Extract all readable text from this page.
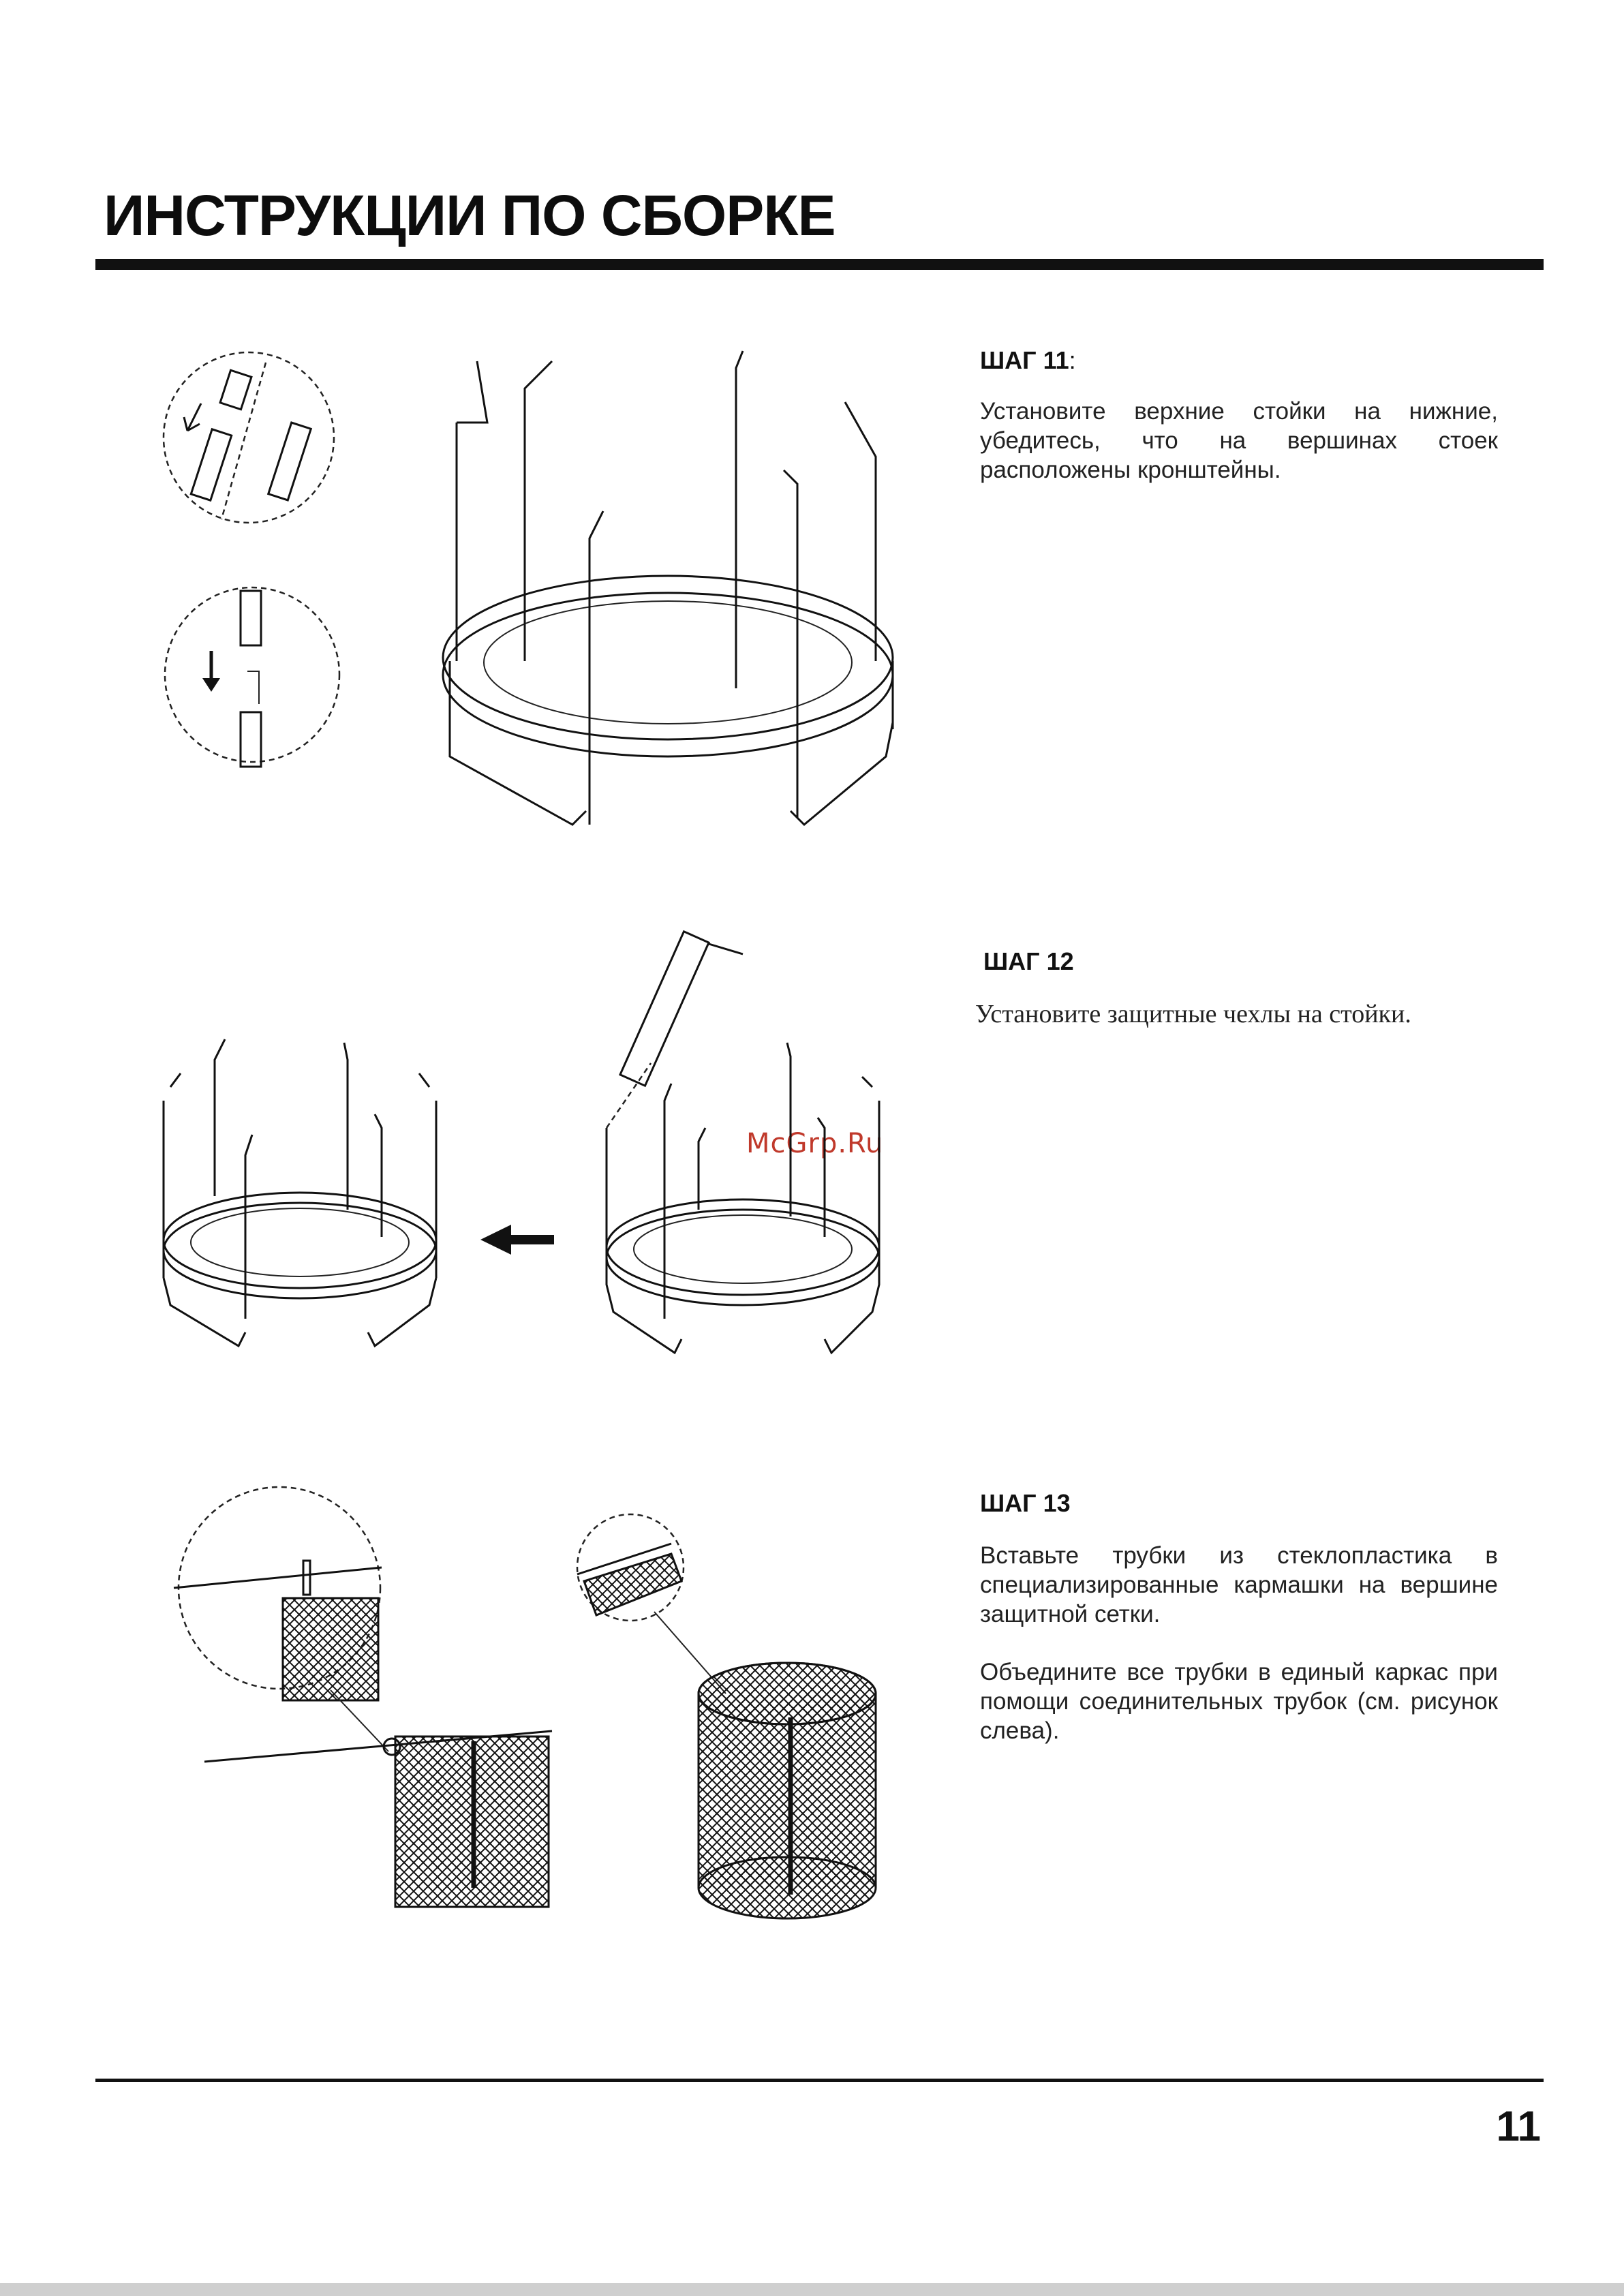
ИНСТРУКЦИИ ПО СБОРКЕ
ШАГ 11:

Установите верхние стойки на нижние, убедитесь, что на вершинах стоек расположены кронштейны.

ШАГ 12

Установите защитные чехлы на стойки.

McGrp.Ru
ШАГ 13

Вставьте трубки из стеклопластика в специализированные кармашки на вершине защитной сетки.

Объедините все трубки в единый каркас при помощи соединительных трубок (см. рисунок слева).

11
